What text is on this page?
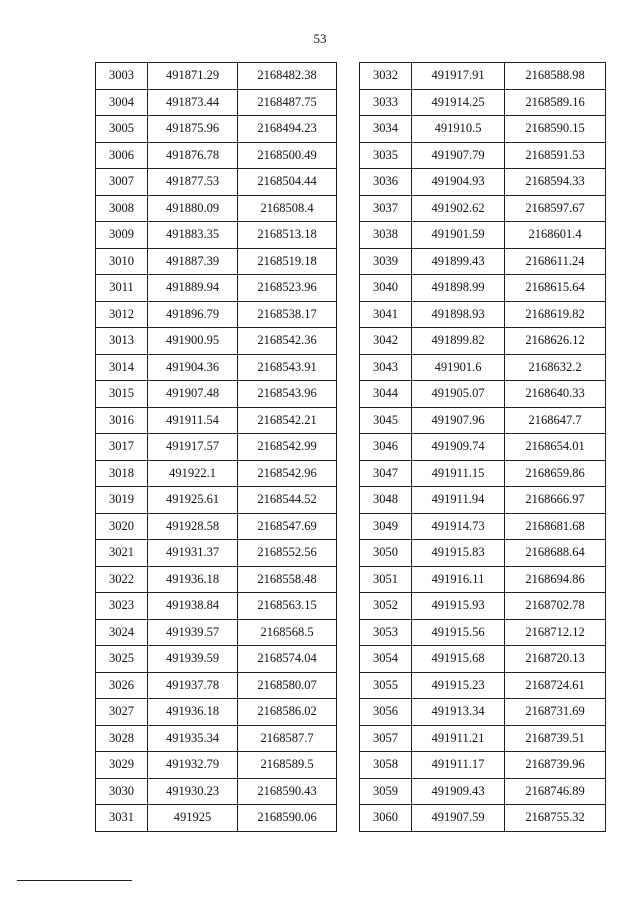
53
3003	491871.29	2168482.38
3004	491873.44	2168487.75
3005	491875.96	2168494.23
3006	491876.78	2168500.49
3007	491877.53	2168504.44
3008	491880.09	2168508.4
3009	491883.35	2168513.18
3010	491887.39	2168519.18
3011	491889.94	2168523.96
3012	491896.79	2168538.17
3013	491900.95	2168542.36
3014	491904.36	2168543.91
3015	491907.48	2168543.96
3016	491911.54	2168542.21
3017	491917.57	2168542.99
3018	491922.1	2168542.96
3019	491925.61	2168544.52
3020	491928.58	2168547.69
3021	491931.37	2168552.56
3022	491936.18	2168558.48
3023	491938.84	2168563.15
3024	491939.57	2168568.5
3025	491939.59	2168574.04
3026	491937.78	2168580.07
3027	491936.18	2168586.02
3028	491935.34	2168587.7
3029	491932.79	2168589.5
3030	491930.23	2168590.43
3031	491925	2168590.06
3032	491917.91	2168588.98
3033	491914.25	2168589.16
3034	491910.5	2168590.15
3035	491907.79	2168591.53
3036	491904.93	2168594.33
3037	491902.62	2168597.67
3038	491901.59	2168601.4
3039	491899.43	2168611.24
3040	491898.99	2168615.64
3041	491898.93	2168619.82
3042	491899.82	2168626.12
3043	491901.6	2168632.2
3044	491905.07	2168640.33
3045	491907.96	2168647.7
3046	491909.74	2168654.01
3047	491911.15	2168659.86
3048	491911.94	2168666.97
3049	491914.73	2168681.68
3050	491915.83	2168688.64
3051	491916.11	2168694.86
3052	491915.93	2168702.78
3053	491915.56	2168712.12
3054	491915.68	2168720.13
3055	491915.23	2168724.61
3056	491913.34	2168731.69
3057	491911.21	2168739.51
3058	491911.17	2168739.96
3059	491909.43	2168746.89
3060	491907.59	2168755.32
